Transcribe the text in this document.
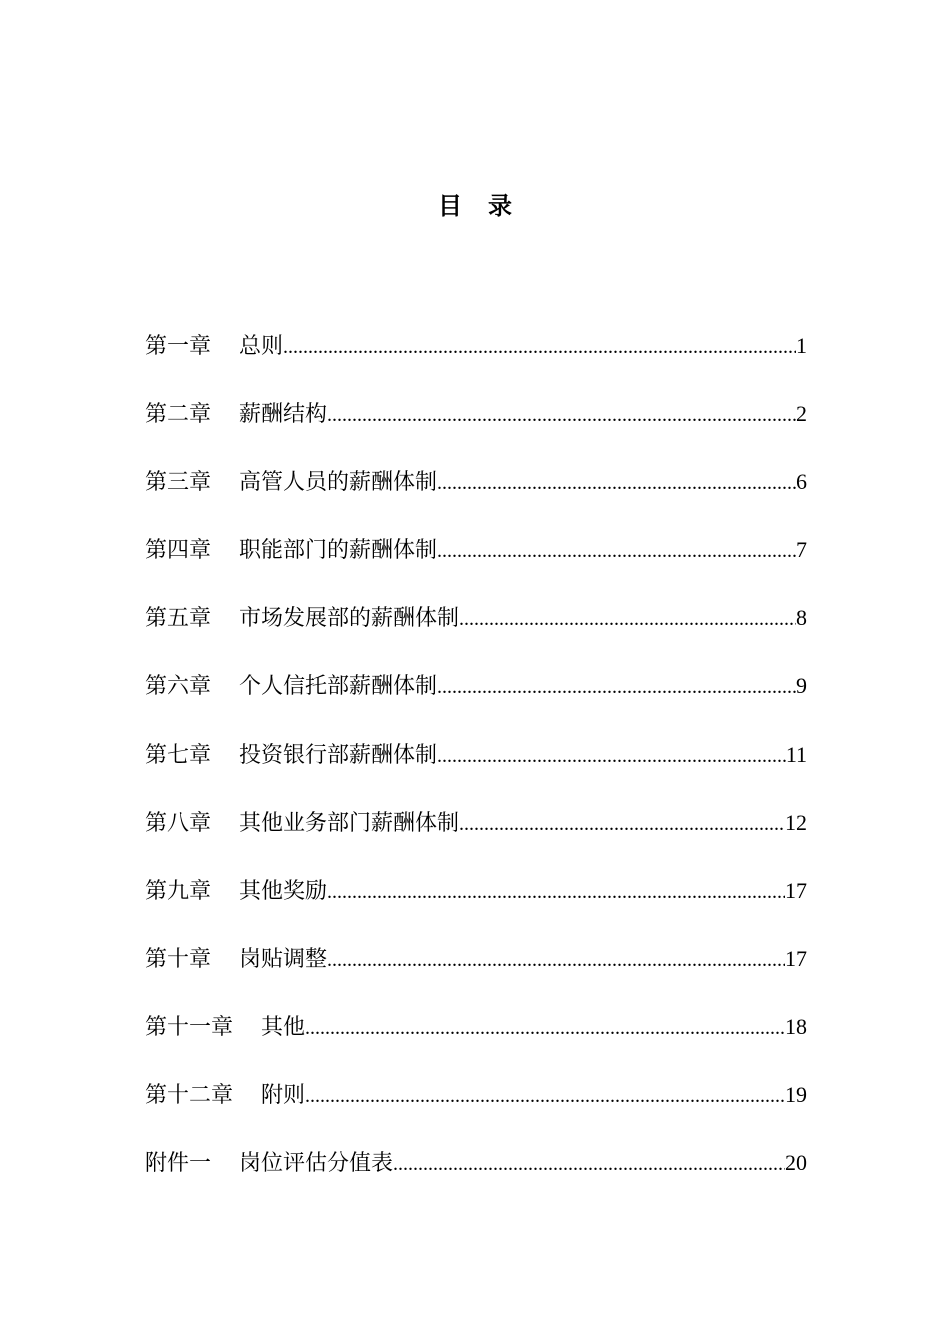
目 录
第一章 总则 .....	1
第二章 薪酬结构 .....	2
第三章 高管人员的薪酬体制 .....	6
第四章 职能部门的薪酬体制 .....	7
第五章 市场发展部的薪酬体制 .....	8
第六章 个人信托部薪酬体制 .....	9
第七章 投资银行部薪酬体制 .....	11
第八章 其他业务部门薪酬体制 .....	12
第九章 其他奖励 .....	17
第十章 岗贴调整 .....	17
第十一章 其他 .....	18
第十二章 附则 .....	19
附件一 岗位评估分值表 .....	20
